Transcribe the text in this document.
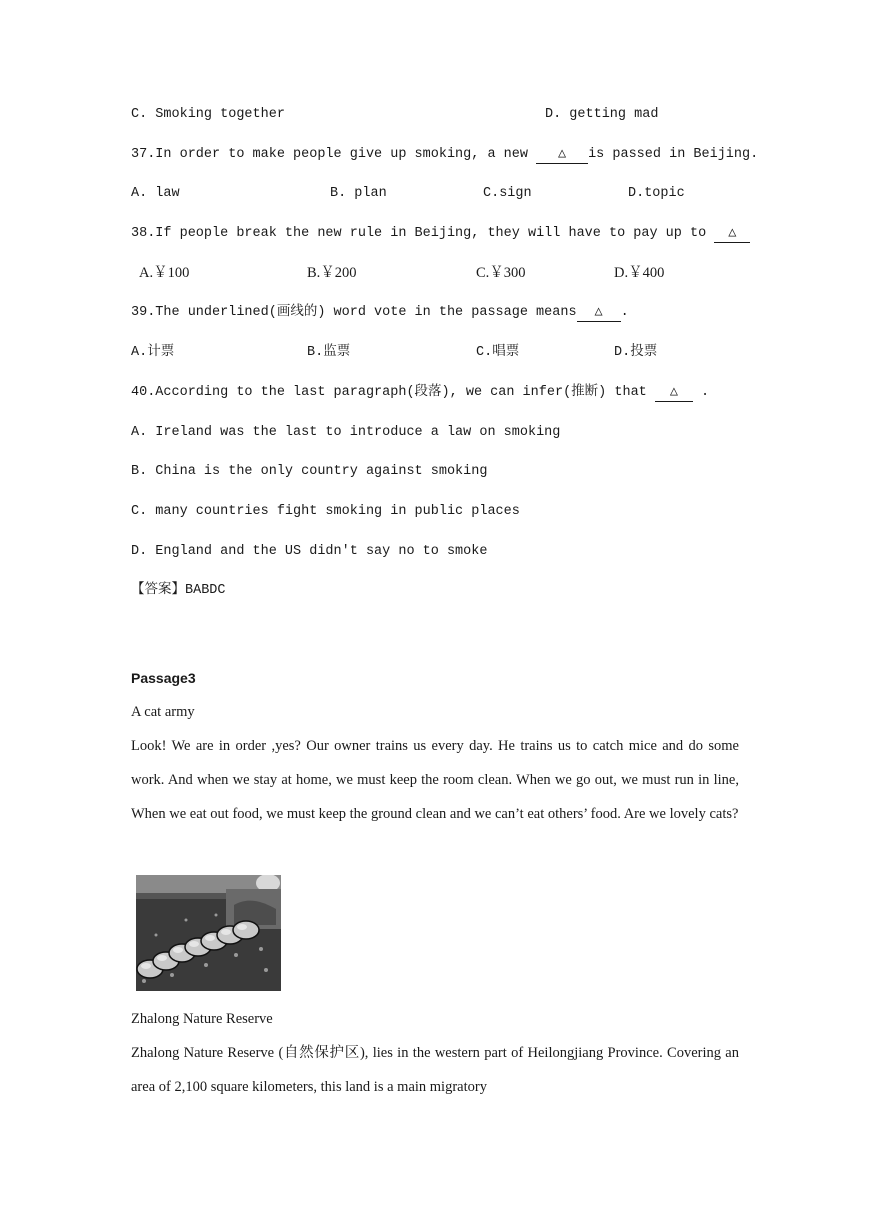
C. Smoking together	D. getting mad
37.In order to make people give up smoking, a new △ is passed in Beijing.
A. law	B. plan	C.sign	D.topic
38.If people break the new rule in Beijing, they will have to pay up to △
A.￥100	B.￥200	C.￥300	D.￥400
39.The underlined(画线的) word vote in the passage means △ .
A.计票	B.监票	C.唱票	D.投票
40.According to the last paragraph(段落), we can infer(推断) that △ .
A. Ireland was the last to introduce a law on smoking
B. China is the only country against smoking
C. many countries fight smoking in public places
D. England and the US didn't say no to smoke
【答案】BABDC
Passage3
A cat army
Look! We are in order ,yes? Our owner trains us every day. He trains us to catch mice and do some work. And when we stay at home, we must keep the room clean. When we go out, we must run in line, When we eat out food, we must keep the ground clean and we can’t eat others’ food. Are we lovely cats?
Zhalong Nature Reserve
Zhalong Nature Reserve (自然保护区), lies in the western part of Heilongjiang Province. Covering an area of 2,100 square kilometers, this land is a main migratory
